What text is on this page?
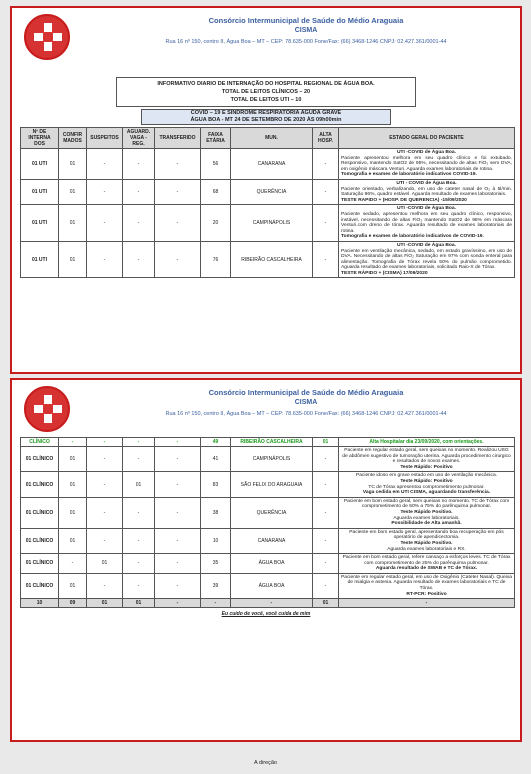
Consórcio Intermunicipal de Saúde do Médio Araguaia
CISMA
Rua 16 nº 150, centro II, Água Boa – MT – CEP: 78.635-000 Fone/Fax: (66) 3468-1246 CNPJ: 02.427.361/0001-44
INFORMATIVO DIARIO DE INTERNAÇÃO DO HOSPITAL REGIONAL DE ÁGUA BOA.
TOTAL DE LEITOS CLÍNICOS – 20
TOTAL DE LEITOS UTI – 10
COVID – 19 E SINDROME RESPIRATÓRIA AGUDA GRAVE
ÁGUA BOA - MT 24 DE SETEMBRO DE 2020 ÀS 09h00min
Nº DE INTERNA DOS	CONFIR MADOS	SUSPEITOS	AGUARD. VAGA - REG.	TRANSFERIDO	FAIXA ETÁRIA	MUN.	ALTA HOSP.	ESTADO GERAL DO PACIENTE
01 UTI	01	-	-	-	56	CANARANA	-	UTI -COVID de Água Boa.
Paciente apresentou melhora em seu quadro clínico e foi extubado. Responsivo, mantendo SatO2 de 95%, necessitando de altas FiO₂ sem DVA, em oxigênio máscara Venturi. Aguarda exames laboratoriais de rotina.
Tomografia e exames de laboratório indicativos COVID-19.

01 UTI	01	-	-	-	68	QUERÊNCIA	-	UTI - COVID de Água Boa.
Paciente orientado, verbalizando, em uso de cateter nasal de O₂ à 5l/min. Saturação 96%, quadro estável. Aguarda resultado de exames laboratoriais.
TESTE RAPIDO + (HOSP. DE QUERENCIA) -15/09/2020

01 UTI	01	-	-	-	20	CAMPINÁPOLIS	-	UTI -COVID de Água Boa.
Paciente sedado, apresentou melhora em seu quadro clínico, responsivo, instável, necessitando de altas FiO₂ mantendo SatO2 de 96% em máscara Venturi.com dreno de tórax. Aguarda resultado de exames laboratoriais de rotina.
Tomografia e exames de laboratório indicativos de COVID-19.

01 UTI	01	-	-	-	76	RIBEIRÃO CASCALHEIRA	-	UTI -COVID de Água Boa.
Paciente em ventilação mecânica, sedado, em estado gravíssimo, em uso de DVA. Necessitando de altas FiO₂ Saturação em 97% com sonda enteral para alimentação. Tomografia de Tórax revela 50% do pulmão comprometido. Aguarda resultado de exames laboratoriais, solicitado Raio-X de Tórax.
TESTE RÁPIDO + (CISMA) 17/09/2020
Consórcio Intermunicipal de Saúde do Médio Araguaia
CISMA
Rua 16 nº 150, centro II, Água Boa – MT – CEP: 78.635-000 Fone/Fax: (66) 3468-1246 CNPJ: 02.427.361/0001-44
CLÍNICO	-	-	-	-	49	RIBEIRÃO CASCALHEIRA	01	Alta Hospitalar dia 23/09/2020, com orientações.
01 CLÍNICO	01	-	-	-	41	CAMPINÁPOLIS	-	Paciente em regular estado geral, sem queixas no momento. Realizou USG de abdômen sugestivo de tumoração uterina. Aguarda procedimento cirurgico e resultados de novos exames.
Teste Rápido: Positivo

01 CLÍNICO	01	-	01	-	83	SÃO FELIX DO ARAGUAIA	-	Paciente idoso em grave estado em uso de ventilação mecânica.
Teste Rápido: Positivo
TC de Tórax apresentou comprometimento pulmonar.
Vaga cedida em UTI CISMA, aguardando transferência.

01 CLÍNICO	01	-	-	-	38	QUERÊNCIA	-	Paciente em bom estado geral, sem queixas no momento. TC de Tórax com comprometimento de 50% a 75% do parênquima pulmonar.
Teste Rápido Positivo.
Aguarda exames laboratoriais.
Possibilidade de Alta amanhã.

01 CLÍNICO	01	-	-	-	10	CANARANA	-	Paciente em bom estado geral, apresentando boa recuperação em pós operatório de apendicectomia.
Teste Rápido Positivo.
Aguarda exames laboratoriais e RX.

01 CLÍNICO	-	01	-	-	35	ÁGUA BOA	-	Paciente em bom estado geral, refere cansaço a esforços leves. TC de Tórax com comprometimento de 25% do parênquima pulmonar.
Aguarda resultado de SWAB e TC de Tórax.

01 CLÍNICO	01	-	-	-	39	ÁGUA BOA	-	Paciente em regular estado geral, em uso de Oxigênio (Cateter Nasal). Queixa de mialgia e astenia. Aguarda resultado de exames laboratoriais e TC de Tórax.
RT-PCR: Positivo

10	09	01	01	-	-	-	01	-
Eu cuido de você, você cuida de mim
A direção
